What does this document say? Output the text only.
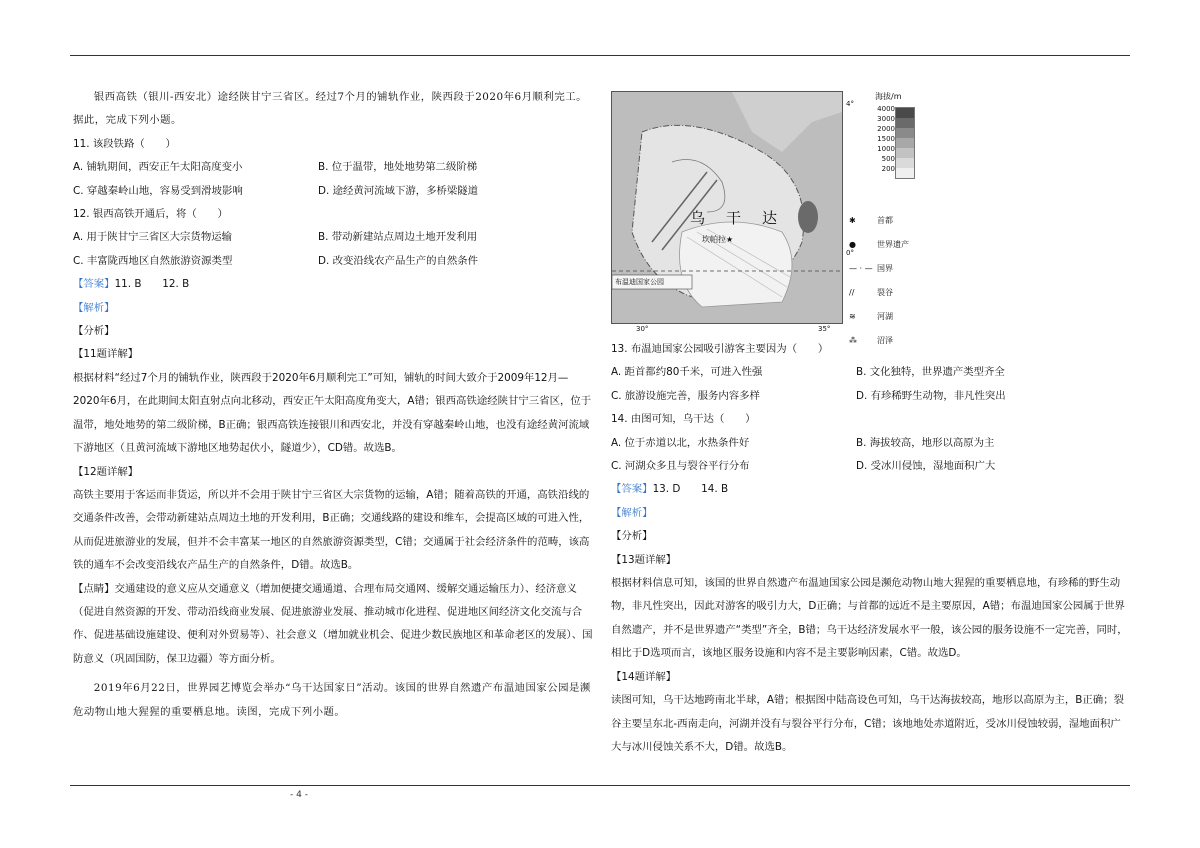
银西高铁（银川-西安北）途经陕甘宁三省区。经过7个月的铺轨作业，陕西段于2020年6月顺利完工。据此，完成下列小题。

11. 该段铁路（　　）

A. 铺轨期间，西安正午太阳高度变小	B. 位于温带，地处地势第二级阶梯
C. 穿越秦岭山地，容易受到滑坡影响	D. 途经黄河流域下游，多桥梁隧道

12. 银西高铁开通后，将（　　）

A. 用于陕甘宁三省区大宗货物运输	B. 带动新建站点周边土地开发利用
C. 丰富陇西地区自然旅游资源类型	D. 改变沿线农产品生产的自然条件

【答案】11. B　　12. B

【解析】

【分析】

【11题详解】

根据材料“经过7个月的铺轨作业，陕西段于2020年6月顺利完工”可知，铺轨的时间大致介于2009年12月—2020年6月，在此期间太阳直射点向北移动，西安正午太阳高度角变大，A错；银西高铁途经陕甘宁三省区，位于温带，地处地势的第二级阶梯，B正确；银西高铁连接银川和西安北，并没有穿越秦岭山地，也没有途经黄河流域下游地区（且黄河流域下游地区地势起伏小，隧道少），CD错。故选B。

【12题详解】

高铁主要用于客运而非货运，所以并不会用于陕甘宁三省区大宗货物的运输，A错；随着高铁的开通，高铁沿线的交通条件改善，会带动新建站点周边土地的开发利用，B正确；交通线路的建设和维车，会提高区域的可进入性，从而促进旅游业的发展，但并不会丰富某一地区的自然旅游资源类型，C错；交通属于社会经济条件的范畴，该高铁的通车不会改变沿线农产品生产的自然条件，D错。故选B。

【点睛】交通建设的意义应从交通意义（增加便捷交通通道、合理布局交通网、缓解交通运输压力）、经济意义（促进自然资源的开发、带动沿线商业发展、促进旅游业发展、推动城市化进程、促进地区间经济文化交流与合作、促进基础设施建设、便利对外贸易等）、社会意义（增加就业机会、促进少数民族地区和革命老区的发展）、国防意义（巩固国防，保卫边疆）等方面分析。

2019年6月22日，世界园艺博览会举办“乌干达国家日”活动。该国的世界自然遗产布温迪国家公园是濒危动物山地大猩猩的重要栖息地。读图，完成下列小题。

乌　干　达
坎帕拉★
布温迪国家公园
4°
0°
30°	35°
海拔/m
4000
3000
2000
1500
1000
500
200
✱	首都
●	世界遗产
— · — 国界
//	裂谷
≋	河湖
⁂	沼泽

13. 布温迪国家公园吸引游客主要因为（　　）

A. 距首都约80千米，可进入性强	B. 文化独特，世界遗产类型齐全
C. 旅游设施完善，服务内容多样	D. 有珍稀野生动物，非凡性突出

14. 由图可知，乌干达（　　）

A. 位于赤道以北，水热条件好	B. 海拔较高，地形以高原为主
C. 河湖众多且与裂谷平行分布	D. 受冰川侵蚀，湿地面积广大

【答案】13. D　　14. B

【解析】

【分析】

【13题详解】

根据材料信息可知，该国的世界自然遗产布温迪国家公园是濒危动物山地大猩猩的重要栖息地，有珍稀的野生动物，非凡性突出，因此对游客的吸引力大，D正确；与首都的远近不是主要原因，A错；布温迪国家公园属于世界自然遗产，并不是世界遗产“类型”齐全，B错；乌干达经济发展水平一般，该公园的服务设施不一定完善，同时，相比于D选项而言，该地区服务设施和内容不是主要影响因素，C错。故选D。

【14题详解】

读图可知，乌干达地跨南北半球，A错；根据图中陆高设色可知，乌干达海拔较高，地形以高原为主，B正确；裂谷主要呈东北-西南走向，河湖并没有与裂谷平行分布，C错；该地地处赤道附近，受冰川侵蚀较弱，湿地面积广大与冰川侵蚀关系不大，D错。故选B。

- 4 -
